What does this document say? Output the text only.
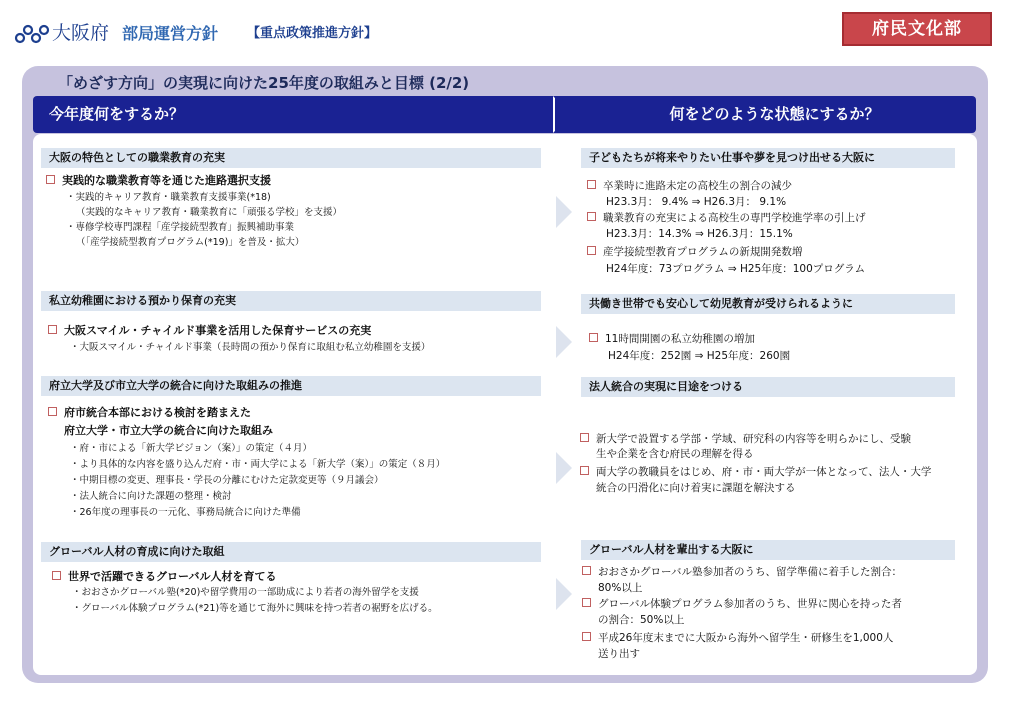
大阪府 部局運営方針 【重点政策推進方針】	府民文化部
「めざす方向」の実現に向けた25年度の取組みと目標 (2/2)
今年度何をするか？	何をどのような状態にするか？
大阪の特色としての職業教育の充実
実践的な職業教育等を通じた進路選択支援
・実践的キャリア教育・職業教育支援事業(*18)
（実践的なキャリア教育・職業教育に「頑張る学校」を支援）
・専修学校専門課程「産学接続型教育」振興補助事業
（「産学接続型教育プログラム(*19)」を普及・拡大）
子どもたちが将来やりたい仕事や夢を見つけ出せる大阪に
卒業時に進路未定の高校生の割合の減少
H23.3月： 9.4% ⇒ H26.3月： 9.1%
職業教育の充実による高校生の専門学校進学率の引上げ
H23.3月：14.3% ⇒ H26.3月：15.1%
産学接続型教育プログラムの新規開発数増
H24年度：73プログラム ⇒ H25年度：100プログラム
私立幼稚園における預かり保育の充実
大阪スマイル・チャイルド事業を活用した保育サービスの充実
・大阪スマイル・チャイルド事業（長時間の預かり保育に取組む私立幼稚園を支援）
共働き世帯でも安心して幼児教育が受けられるように
11時間開園の私立幼稚園の増加
H24年度：252園 ⇒ H25年度：260園
府立大学及び市立大学の統合に向けた取組みの推進
府市統合本部における検討を踏まえた
府立大学・市立大学の統合に向けた取組み
・府・市による「新大学ビジョン（案）」の策定（４月）
・より具体的な内容を盛り込んだ府・市・両大学による「新大学（案）」の策定（８月）
・中期目標の変更、理事長・学長の分離にむけた定款変更等（９月議会）
・法人統合に向けた課題の整理・検討
・26年度の理事長の一元化、事務局統合に向けた準備
法人統合の実現に目途をつける
新大学で設置する学部・学域、研究科の内容等を明らかにし、受験
生や企業を含む府民の理解を得る
両大学の教職員をはじめ、府・市・両大学が一体となって、法人・大学
統合の円滑化に向け着実に課題を解決する
グローバル人材の育成に向けた取組
世界で活躍できるグローバル人材を育てる
・おおさかグローバル塾(*20)や留学費用の一部助成により若者の海外留学を支援
・グローバル体験プログラム(*21)等を通じて海外に興味を持つ若者の裾野を広げる。
グローバル人材を輩出する大阪に
おおさかグローバル塾参加者のうち、留学準備に着手した割合：
80%以上
グローバル体験プログラム参加者のうち、世界に関心を持った者
の割合：50%以上
平成26年度末までに大阪から海外へ留学生・研修生を1,000人
送り出す
